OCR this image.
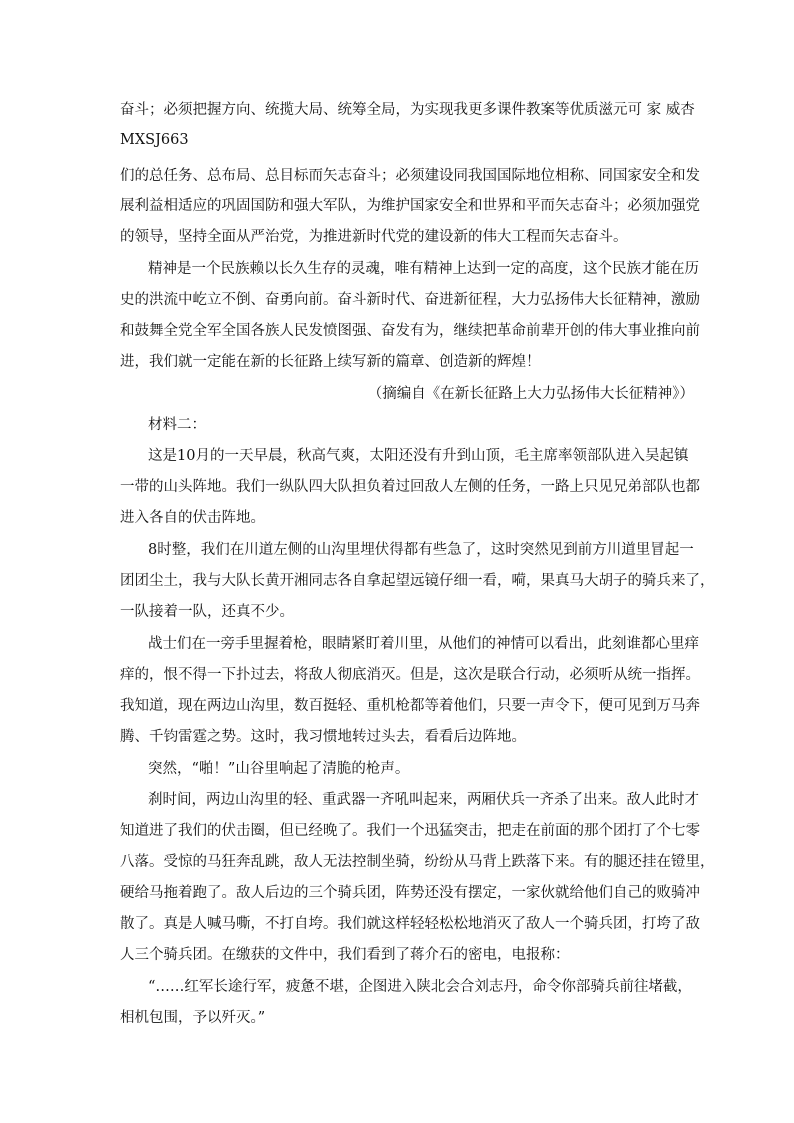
奋斗；必须把握方向、统揽大局、统筹全局，为实现我更多课件教案等优质滋元可 家 威杏
MXSJ663
们的总任务、总布局、总目标而矢志奋斗；必须建设同我国国际地位相称、同国家安全和发
展利益相适应的巩固国防和强大军队，为维护国家安全和世界和平而矢志奋斗；必须加强党
的领导，坚持全面从严治党，为推进新时代党的建设新的伟大工程而矢志奋斗。
精神是一个民族赖以长久生存的灵魂，唯有精神上达到一定的高度，这个民族才能在历
史的洪流中屹立不倒、奋勇向前。奋斗新时代、奋进新征程，大力弘扬伟大长征精神，激励
和鼓舞全党全军全国各族人民发愤图强、奋发有为，继续把革命前辈开创的伟大事业推向前
进，我们就一定能在新的长征路上续写新的篇章、创造新的辉煌！
（摘编自《在新长征路上大力弘扬伟大长征精神》）
材料二：
这是10月的一天早晨，秋高气爽，太阳还没有升到山顶，毛主席率领部队进入吴起镇
一带的山头阵地。我们一纵队四大队担负着过回敌人左侧的任务，一路上只见兄弟部队也都
进入各自的伏击阵地。
8时整，我们在川道左侧的山沟里埋伏得都有些急了，这时突然见到前方川道里冒起一
团团尘土，我与大队长黄开湘同志各自拿起望远镜仔细一看，嗬，果真马大胡子的骑兵来了，
一队接着一队，还真不少。
战士们在一旁手里握着枪，眼睛紧盯着川里，从他们的神情可以看出，此刻谁都心里痒
痒的，恨不得一下扑过去，将敌人彻底消灭。但是，这次是联合行动，必须听从统一指挥。
我知道，现在两边山沟里，数百挺轻、重机枪都等着他们，只要一声令下，便可见到万马奔
腾、千钧雷霆之势。这时，我习惯地转过头去，看看后边阵地。
突然，“啪！”山谷里响起了清脆的枪声。
刹时间，两边山沟里的轻、重武器一齐吼叫起来，两厢伏兵一齐杀了出来。敌人此时才
知道进了我们的伏击圈，但已经晚了。我们一个迅猛突击，把走在前面的那个团打了个七零
八落。受惊的马狂奔乱跳，敌人无法控制坐骑，纷纷从马背上跌落下来。有的腿还挂在镫里，
硬给马拖着跑了。敌人后边的三个骑兵团，阵势还没有摆定，一家伙就给他们自己的败骑冲
散了。真是人喊马嘶，不打自垮。我们就这样轻轻松松地消灭了敌人一个骑兵团，打垮了敌
人三个骑兵团。在缴获的文件中，我们看到了蒋介石的密电，电报称：
“……红军长途行军，疲惫不堪，企图进入陕北会合刘志丹，命令你部骑兵前往堵截，
相机包围，予以歼灭。”
